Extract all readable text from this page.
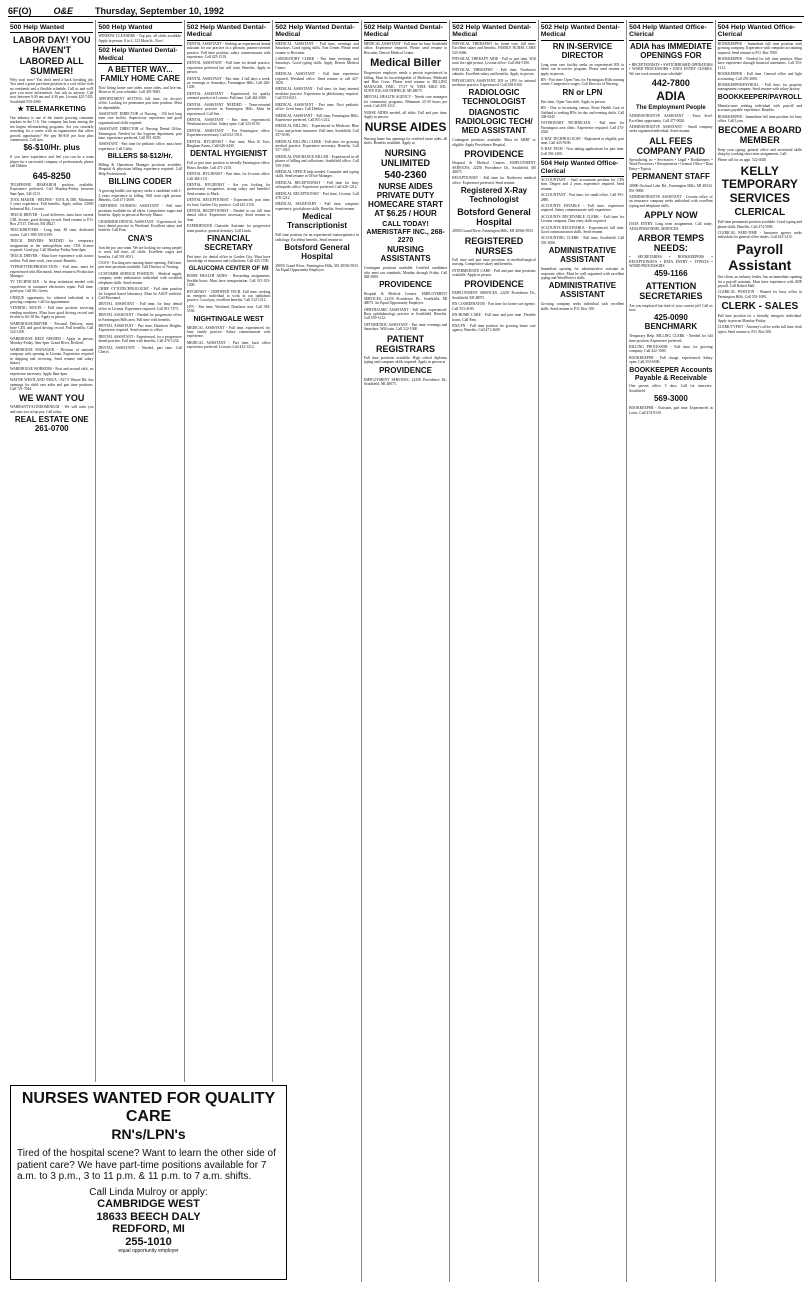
6F(O) O&E Thursday, September 10, 1992
500 Help Wanted
LABOR DAY! YOU HAVEN'T LABORED ALL SUMMER!
Why start now? You don't need a back breaking job. You need a great part-time position in a cool office with no weekends and a flexible schedule. Call us and we'll give you more information. Just ask us anyway. Call now between 9:30 am and 4:30 pm. Livonia 425-7435. Southfield 559-4390.
★ TELEMARKETING
Our industry is one of the fastest growing consumer markets in the U.S. Our company has been among the ten largest telemarketing programs. Are you currently searching for a career with an organization that offers growth opportunity? We pay $6-$10 per hour plus commission. Call now.
$6-$10/Hr. plus
If you have experience and feel you can be a team player for a successful company of professionals, please call Debbie
645-8250
TELEPHONE RESEARCH position available. Experience preferred. Call Monday-Friday between 9am-5pm, 344-2113.
TOOL MAKER - HELPER - TOOL & DIE. Minimum 5 years experience. Full benefits. Apply within. 32000 Industrial Rd., Livonia.
TRUCK DRIVER - Local deliveries, must have current CDL license, good driving record. Send resume to P.O. Box 27147, Detroit, MI 48227.
TRUCKDRIVERS - Long haul, 48 state, dedicated routes. Call 1-800-555-0199.
TRUCK DRIVERS NEEDED for temporary assignments in the metropolitan area. CDL license required. Good pay. Call Monday-Friday 9am-4pm.
TRUCK DRIVER - Must have experience with tractor trailers. Full time work, year round. Benefits.
TYPESETTER/PRODUCTION - Full time, must be experienced with Macintosh. Send resume to Production Manager.
TV TECHNICIAN - In shop technician needed with experience in consumer electronics repair. Full time, good pay. Call Mr. Green.
UNIQUE opportunity for talented individual in a growing company. Call for appointment.
VENDING ROUTE - Full time position servicing vending machines. Must have good driving record and be able to lift 50 lbs. Apply in person.
WAREHOUSE/DRIVER - Personal Delivery, must have CDL and good driving record. Full benefits. Call 522-1200.
WAREHOUSE HELP NEEDED - Apply in person, Monday-Friday, 9am-3pm. Grand River, Redford.
WAREHOUSE MANAGER - Division of national company with opening in Livonia. Experience required in shipping and receiving. Send resume and salary history.
WAREHOUSE WORKERS - First and second shift, no experience necessary. Apply 8am-4pm.
WAYNE WESTLAND YMCA - 827-5 Wayne Rd. has openings for child care aides and part time positions. Call 721-7044.
WE WANT YOU
WARRANTY/CONDOMINIUM - We will train you and start you at top pay. Call today.
REAL ESTATE ONE 261-0700
500 Help Wanted
WINDOW CLEANERS - Top pay, all shifts available. Apply in person. 8 to 4, 123 Main St., Novi.
502 Help Wanted Dental-Medical
A BETTER WAY... FAMILY HOME CARE
Now hiring home care aides, nurse aides, and live-ins. Hours to fit your schedule. Call 455-5683.
APPOINTMENT SETTING full time, for doctor's office. Looking for permanent part time position. Must be dependable.
ASSISTANT DIRECTOR of Nursing - 150 bed long term care facility. Supervisory experience and good organizational skills required.
ASSISTANT DIRECTOR of Nursing Dental Office, Farmington. Needed for the hygiene department, part time, experience preferred. Call 851-8250.
ASSISTANT - Part time for pediatric office, must have experience. Call Cathy.
BILLERS $8-$12/Hr.
Billing & Operations Manager positions available. Hospital & physician billing experience required. Call Help Professionals.
BILLING CODER
A growing health care agency seeks a candidate with 1-2 years experience in billing. Will train right person. Benefits. Call 471-2600.
CERTIFIED NURSING ASSISTANT - Full time positions available for all shifts. Competitive wages and benefits. Apply in person at Beverly Manor.
CHAIRSIDE DENTAL ASSISTANT - Experienced, for busy dental practice in Westland. Excellent salary and benefits. Call Pam.
CNA'S
Join the pro care team. We are looking for caring people to work full time, all shifts. Excellent wages and benefits. Call 591-0011.
CNA'S - Exciting new nursing home opening. Full time, part time positions available. Call Director of Nursing.
CUSTOMER SERVICE POSITION - Medical supply company seeks enthusiastic individual with excellent telephone skills. Send resume.
CHIEF CYTOTECHNOLOGIST - Full time position for hospital based laboratory. Must be ASCP certified. Call Personnel.
DENTAL ASSISTANT - Full time, for busy dental office in Livonia. Experience required. Call 591-7373.
DENTAL ASSISTANT - Needed for progressive office in Farmington Hills area. Full time with benefits.
DENTAL ASSISTANT - Part time, Dearborn Heights. Experience required. Send resume to office.
DENTAL ASSISTANT - Experienced, for a progressive dental practice. Full time with benefits. Call 476-1234.
DENTAL ASSISTANT - Needed, part time. Call Cheryl.
502 Help Wanted Dental-Medical
DENTAL ASSISTANT - Seeking an experienced dental assistant for our practice in a pleasant, patient-oriented practice. Full time position, salary commensurate with experience. Call 425-1510.
DENTAL ASSISTANT - Full time for dental practice, experience preferred but will train. Benefits. Apply in person.
DENTAL ASSISTANT - Part time, 2 full days a week, no evenings or Saturdays. Farmington Hills. Call 626-1200.
DENTAL ASSISTANT - Experienced, for quality oriented practice in Livonia. Full time. Call 464-1000.
DENTAL ASSISTANT NEEDED - Team-oriented preventive practice in Farmington Hills. Must be experienced. Call Sue.
DENTAL ASSISTANT - Part time, experienced, Westland area office. Salary open. Call 523-0150.
DENTAL ASSISTANT - For Farmington office. Experience necessary. Call 652-1010.
DENTAL HYGIENIST - Part time, Mon & Tues. Bingham Farms. Call 626-4440.
DENTAL HYGIENIST
Full or part time position in friendly Farmington office. Hours flexible. Call 471-2155.
DENTAL HYGIENIST - Part time, for Livonia office. Call 464-1111.
DENTAL HYGIENIST - Are you looking for professional recognition, strong salary and benefits? Send resume to Mark.
DENTAL RECEPTIONIST - Experienced, part time, for busy Garden City practice. Call 425-2150.
DENTAL RECEPTIONIST - Needed in our full time dental office. Experience necessary. Send resume to Ann.
EXPERIENCED Chairside Assistant for progressive team practice, general dentistry. Call Linda.
FINANCIAL SECRETARY
Part time, for dental office in Garden City. Must have knowledge of insurance and collections. Call 425-1700.
GLAUCOMA CENTER OF MI
HOME HEALTH AIDES - Rewarding assignments, flexible hours. Must have transportation. Call 313-353-1400.
HYGIENIST - CERTIFIED TECH. Full time, seeking an energetic individual to work in our opthalmic practice. Good pay, excellent benefits. Call 312-1212.
LPN - Part time, Westland, Dearborn area. Call 584-5530.
NIGHTINGALE WEST
MEDICAL ASSISTANT - Full time, experienced, for busy family practice. Salary commensurate with experience.
MEDICAL ASSISTANT - Part time, back office experience preferred. Livonia. Call 422-1212.
502 Help Wanted Dental-Medical
MEDICAL ASSISTANT - Full time, evenings and Saturdays. Good typing skills. Non Center. Please send resume to Recruiter.
LABORATORY CLERK - Part time evenings and Saturdays. Good typing skills. Apply Detroit Medical Center.
MEDICAL ASSISTANT - Full time experience required, Westland office. Send resume or call 427-1020.
MEDICAL ASSISTANT - Full time, for busy internal medicine practice. Experience in phlebotomy required. Call 553-0211.
MEDICAL ASSISTANT - Part time, Novi pediatric office. Great hours. Call Debbie.
MEDICAL ASSISTANT - Full time, Farmington Hills. Experience preferred. Call 851-1212.
MEDICAL BILLING - Experienced in Medicare, Blue Cross and private insurance. Full time, Southfield. Call 357-8100.
MEDICAL BILLING CLERK - Full time, for growing medical practice. Experience necessary. Benefits. Call 557-1010.
MEDICAL INSURANCE BILLER - Experienced in all phases of billing and collections. Southfield office. Call 559-3300.
MEDICAL OFFICE help needed. Computer and typing skills. Send resume to Office Manager.
MEDICAL RECEPTIONIST - Full time for busy orthopedic office. Experience preferred. Call 626-1212.
MEDICAL RECEPTIONIST - Part time, Livonia. Call 478-1212.
MEDICAL SECRETARY - Full time, computer experience, good phone skills. Benefits. Send resume.
Medical Transcriptionist
Full time position for an experienced transcriptionist in radiology. Excellent benefits. Send resume to:
Botsford General Hospital
28050 Grand River, Farmington Hills, MI 48336-5933. An Equal Opportunity Employer.
502 Help Wanted Dental-Medical
MEDICAL ASSISTANT - Full time for busy Southfield office. Experience required. Please send resume to Recruiter, Detroit Medical Center.
Medical Biller
Progressive employer needs a person experienced in billing. Must be knowledgeable of Medicare, Medicaid and Blue Cross. Please send resume to BILLING MANAGER, DMC, 17117 W. NINE MILE RD., SUITE 830, SOUTHFIELD, MI 48075.
MENTAL HEALTH AGENCY - Needs case managers for community programs. Minimum 25-30 hours per week. Call 459-1212.
NURSE AIDES needed, all shifts. Full and part time. Apply in person.
NURSE AIDES
Nursing home has openings for certified nurse aides, all shifts. Benefits available. Apply at
NURSING UNLIMITED
540-2360
NURSE AIDES PRIVATE DUTY HOMECARE START AT $6.25 / HOUR
CALL TODAY! AMERISTAFF INC., 268-2270
NURSING ASSISTANTS
Contingent positions available. Certified candidates who meet our standards, Monday through Friday. Call 948-2980.
PROVIDENCE
Hospital & Medical Centers. EMPLOYMENT SERVICES, 22250 Providence Dr., Southfield, MI 48075. An Equal Opportunity Employer.
OPHTHALMIC ASSISTANT - Full time, experienced. Busy ophthalmology practice in Southfield. Benefits. Call 559-1212.
OPTOMETRIC ASSISTANT - Part time, evenings and Saturdays. Will train. Call 522-1000.
PATIENT REGISTRARS
Full time positions available. High school diploma, typing and computer skills required. Apply in person at
PROVIDENCE
EMPLOYMENT SERVICES, 22250 Providence Dr., Southfield, MI 48075.
502 Help Wanted Dental-Medical
PHYSICAL THERAPIST for home care, full time. Excellent salary and benefits. FAMILY NURSE CARE 525-0466.
PHYSICAL THERAPY AIDE - Full or part time. Will train the right person. Livonia office. Call 464-5100.
PHYSICAL THERAPIST - Full time, Northwest suburbs. Excellent salary and benefits. Apply in person.
PHYSICIAN'S ASSISTANT, RN or LPN for internal medicine practice. Experienced. Call 358-0300.
RADIOLOGIC TECHNOLOGIST
DIAGNOSTIC RADIOLOGIC TECH/ MED ASSISTANT
Contingent positions available. Must be ARRT or eligible. Apply Providence Hospital.
PROVIDENCE
Hospital & Medical Centers. EMPLOYMENT SERVICES, 22250 Providence Dr., Southfield, MI 48075.
RECEPTIONIST - Full time for Northwest medical office. Experience preferred. Send resume.
Registered X-Ray Technologist
Botsford General Hospital
28050 Grand River, Farmington Hills, MI 48336-5933.
REGISTERED NURSES
Full time and part time positions in medical/surgical nursing. Competitive salary and benefits.
INTERMEDIATE CARE - Full and part time positions available. Apply in person.
PROVIDENCE
EMPLOYMENT SERVICES, 22250 Providence Dr., Southfield, MI 48075.
RN COORDINATOR - Part time for home care agency. Call 553-4100.
RN-HOME CARE - Full time and part time. Flexible hours. Call Pam.
RN/LPN - Full time position for growing home care agency. Benefits. Call 471-2600.
502 Help Wanted Dental-Medical
RN IN-SERVICE DIRECTOR
Long term care facility seeks an experienced RN to direct our in-service program. Please send resume or apply in person.
RN - Part time 11pm-7am, for Farmington Hills nursing center. Competitive wages. Call Director of Nursing.
RN or LPN
Part time, 11pm-7am shift. Apply in person.
RN - Due to increasing census, Bortz Health Care of Oakland is seeking RNs for day and evening shifts. Call 338-0345.
VETERINARY TECHNICIAN - Full time for Farmington area clinic. Experience required. Call 474-2920.
X-RAY TECHNOLOGIST - Registered or eligible, part time. Call 425-9100.
X-RAY TECH - Now taking applications for part time. Call 356-1400.
504 Help Wanted Office-Clerical
ACCOUNTANT - Staff accountant position for CPA firm. Degree and 2 years experience required. Send resume.
ACCOUNTANT - Part time, for small office. Call 591-2880.
ACCOUNTS PAYABLE - Full time, experience required. Salary commensurate with experience.
ACCOUNTS RECEIVABLE CLERK - Full time for Livonia company. Data entry skills required.
ACCOUNTS RECEIVABLE - Experienced, full time. Good communication skills. Send resume.
ACCOUNTING CLERK - Full time, Southfield. Call 355-1000.
ADMINISTRATIVE ASSISTANT
Immediate opening for administrative assistant in corporate office. Must be well organized with excellent typing and WordPerfect skills.
ADMINISTRATIVE ASSISTANT
Growing company seeks individual with excellent skills. Send resume to P.O. Box 100.
504 Help Wanted Office-Clerical
ADIA has IMMEDIATE OPENINGS FOR
• RECEPTIONISTS • SWITCHBOARD OPERATORS • WORD PROCESSORS • DATA ENTRY CLERKS. We can work around your schedule!
442-7800
ADIA
The Employment People
ADMINISTRATIVE ASSISTANT - Entry level. Excellent opportunity. Call 477-0020.
ADMINISTRATIVE ASSISTANT - Small company seeks organized individual. Send resume.
ALL FEES COMPANY PAID
Specializing in: • Secretaries • Legal • Bookkeepers • Word Processors • Receptionists • General Office • Data Entry • Typists
PERMANENT STAFF
28000 Orchard Lake Rd., Farmington Hills, MI 48334. 851-9000.
ADMINISTRATIVE ASSISTANT - Livonia office of an insurance company seeks individual with excellent typing and telephone skills.
APPLY NOW
DATA ENTRY. Long term assignments. Call today. ADIA PERSONNEL SERVICES.
ARBOR TEMPS NEEDS:
• SECRETARIES • BOOKKEEPERS • RECEPTIONISTS • DATA ENTRY • TYPISTS • WORD PROCESSORS
459-1166
ATTENTION SECRETARIES
Are you employed but tired of your current job? Call us now.
425-0090 BENCHMARK
Temporary Help. BILLING CLERK - Needed for full time position. Experience preferred.
BILLING PROCESSOR - Full time, for growing company. Call 422-1000.
BOOKKEEPER - Full charge, experienced. Salary open. Call 353-6500.
BOOKKEEPER Accounts Payable & Receivable
One person office. 5 days. Call for interview. Southfield.
569-3000
BOOKKEEPER - Assistant, part time. Experienced in Lotus. Call 474-9130.
504 Help Wanted Office-Clerical
BOOKKEEPER - Immediate full time position with growing company. Experience with computer accounting required. Send resume to P.O. Box 7000.
BOOKKEEPER - Needed for full time position. Must have experience through financial statements. Call 353-1212.
BOOKKEEPER - Full time. General office and light accounting. Call 476-2000.
BOOKKEEPER/PAYROLL - Full time, for property management company. Send resume with salary history.
BOOKKEEPER/PAYROLL
Manufacturer seeking individual with payroll and accounts payable experience. Benefits.
BOOKKEEPER - Immediate full time position for busy office. Call Lynn.
BECOME A BOARD MEMBER
Keep your typing, general office and secretarial skills sharp by working short term assignments. Call:
Please call for an appt. 522-4020
KELLY TEMPORARY SERVICES
CLERICAL
Full time permanent position available. Good typing and phone skills. Benefits. Call 474-5000.
CLERICAL PART-TIME - Insurance agency seeks individual for general office duties. Call 425-1212.
Payroll Assistant
Our client, an industry leader, has an immediate opening for a payroll assistant. Must have experience with ADP payroll. Call Robert Half.
CLERICAL POSITION - Wanted for busy office in Farmington Hills. Call 553-1000.
CLERK - SALES
Full time position for a friendly, energetic individual. Apply in person Monday-Friday.
CLERK/TYPIST - Attorney's office seeks full time clerk typist. Send resume to P.O. Box 500.
NURSES WANTED FOR QUALITY CARE
RN's/LPN's
Tired of the hospital scene? Want to learn the other side of patient care? We have part-time positions available for 7 a.m. to 3 p.m., 3 to 11 p.m. & 11 p.m. to 7 a.m. shifts.
Call Linda Mulroy or apply:
CAMBRIDGE WEST
18633 BEECH DALY
REDFORD, MI
255-1010
equal opportunity employer
